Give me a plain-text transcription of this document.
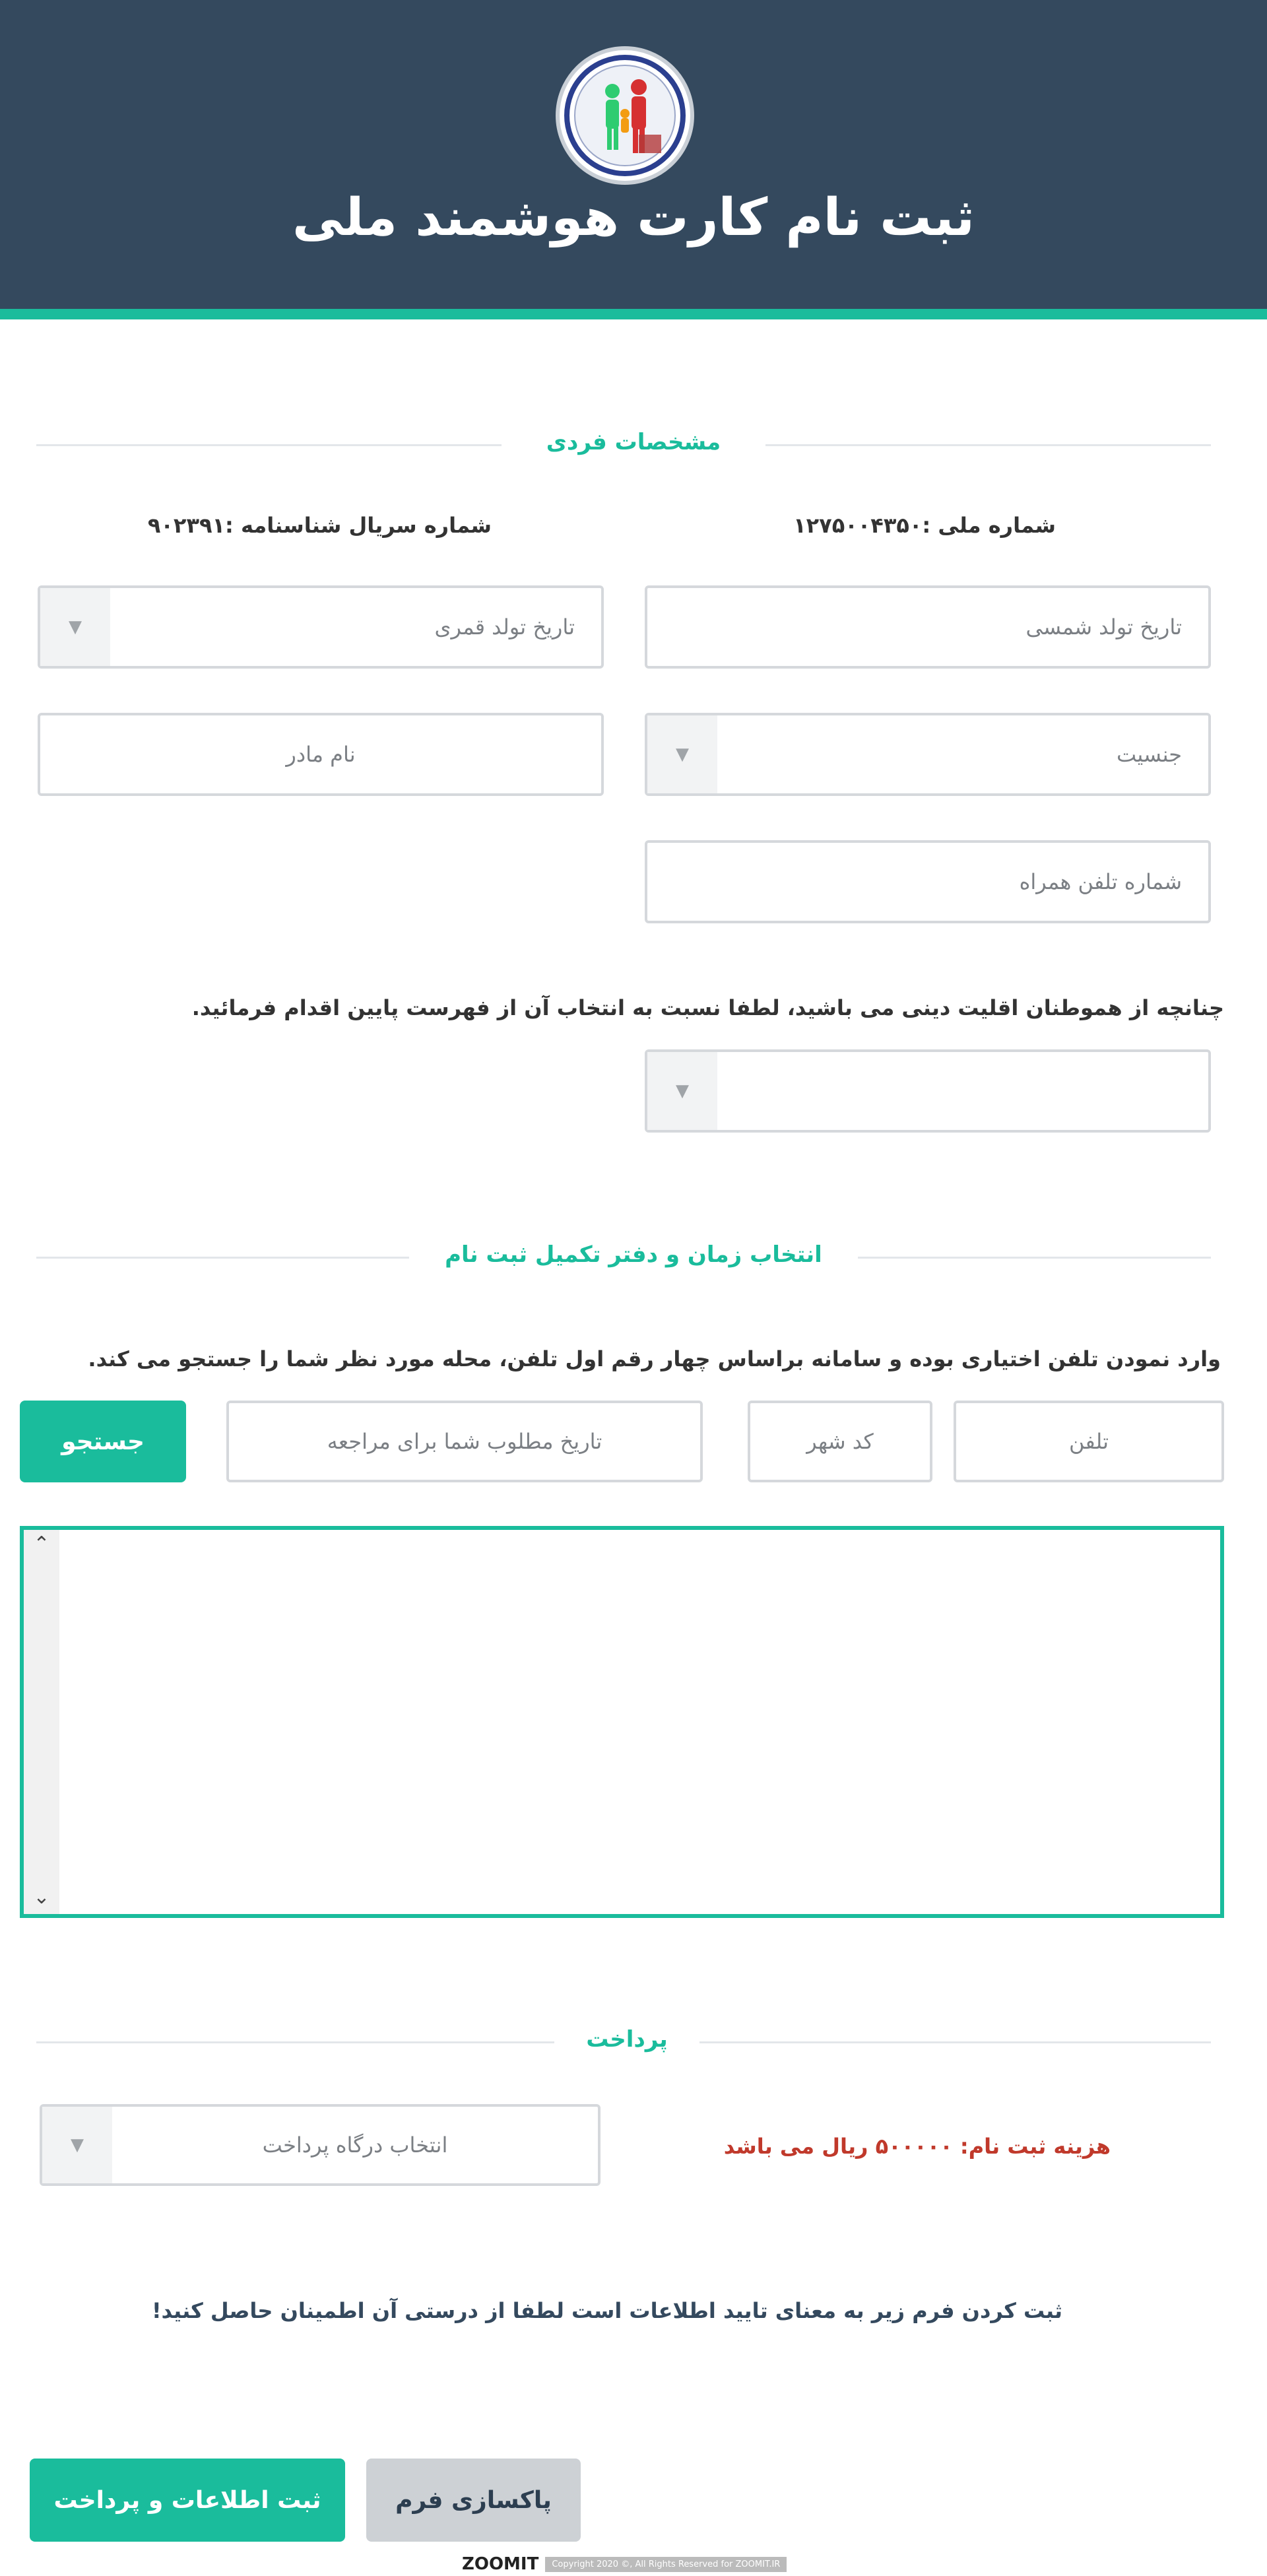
ثبت نام کارت هوشمند ملی
مشخصات فردی
شماره ملی :۱۲۷۵۰۰۴۳۵۰
شماره سریال شناسنامه :۹۰۲۳۹۱
تاریخ تولد شمسی
▼	تاریخ تولد قمری
▼	جنسیت
نام مادر
شماره تلفن همراه
چنانچه از هموطنان اقلیت دینی می باشید، لطفا نسبت به انتخاب آن از فهرست پایین اقدام فرمائید.
▼
انتخاب زمان و دفتر تکمیل ثبت نام
وارد نمودن تلفن اختیاری بوده و سامانه براساس چهار رقم اول تلفن، محله مورد نظر شما را جستجو می کند.
تلفن
کد شهر
تاریخ مطلوب شما برای مراجعه
جستجو
⌃
⌄
پرداخت
▼	انتخاب درگاه پرداخت	هزینه ثبت نام: ۵۰۰۰۰۰ ریال می باشد
ثبت کردن فرم زیر به معنای تایید اطلاعات است لطفا از درستی آن اطمینان حاصل کنید!
ثبت اطلاعات و پرداخت	پاکسازی فرم
ZOOMIT	Copyright 2020 ©, All Rights Reserved for ZOOMIT.IR
